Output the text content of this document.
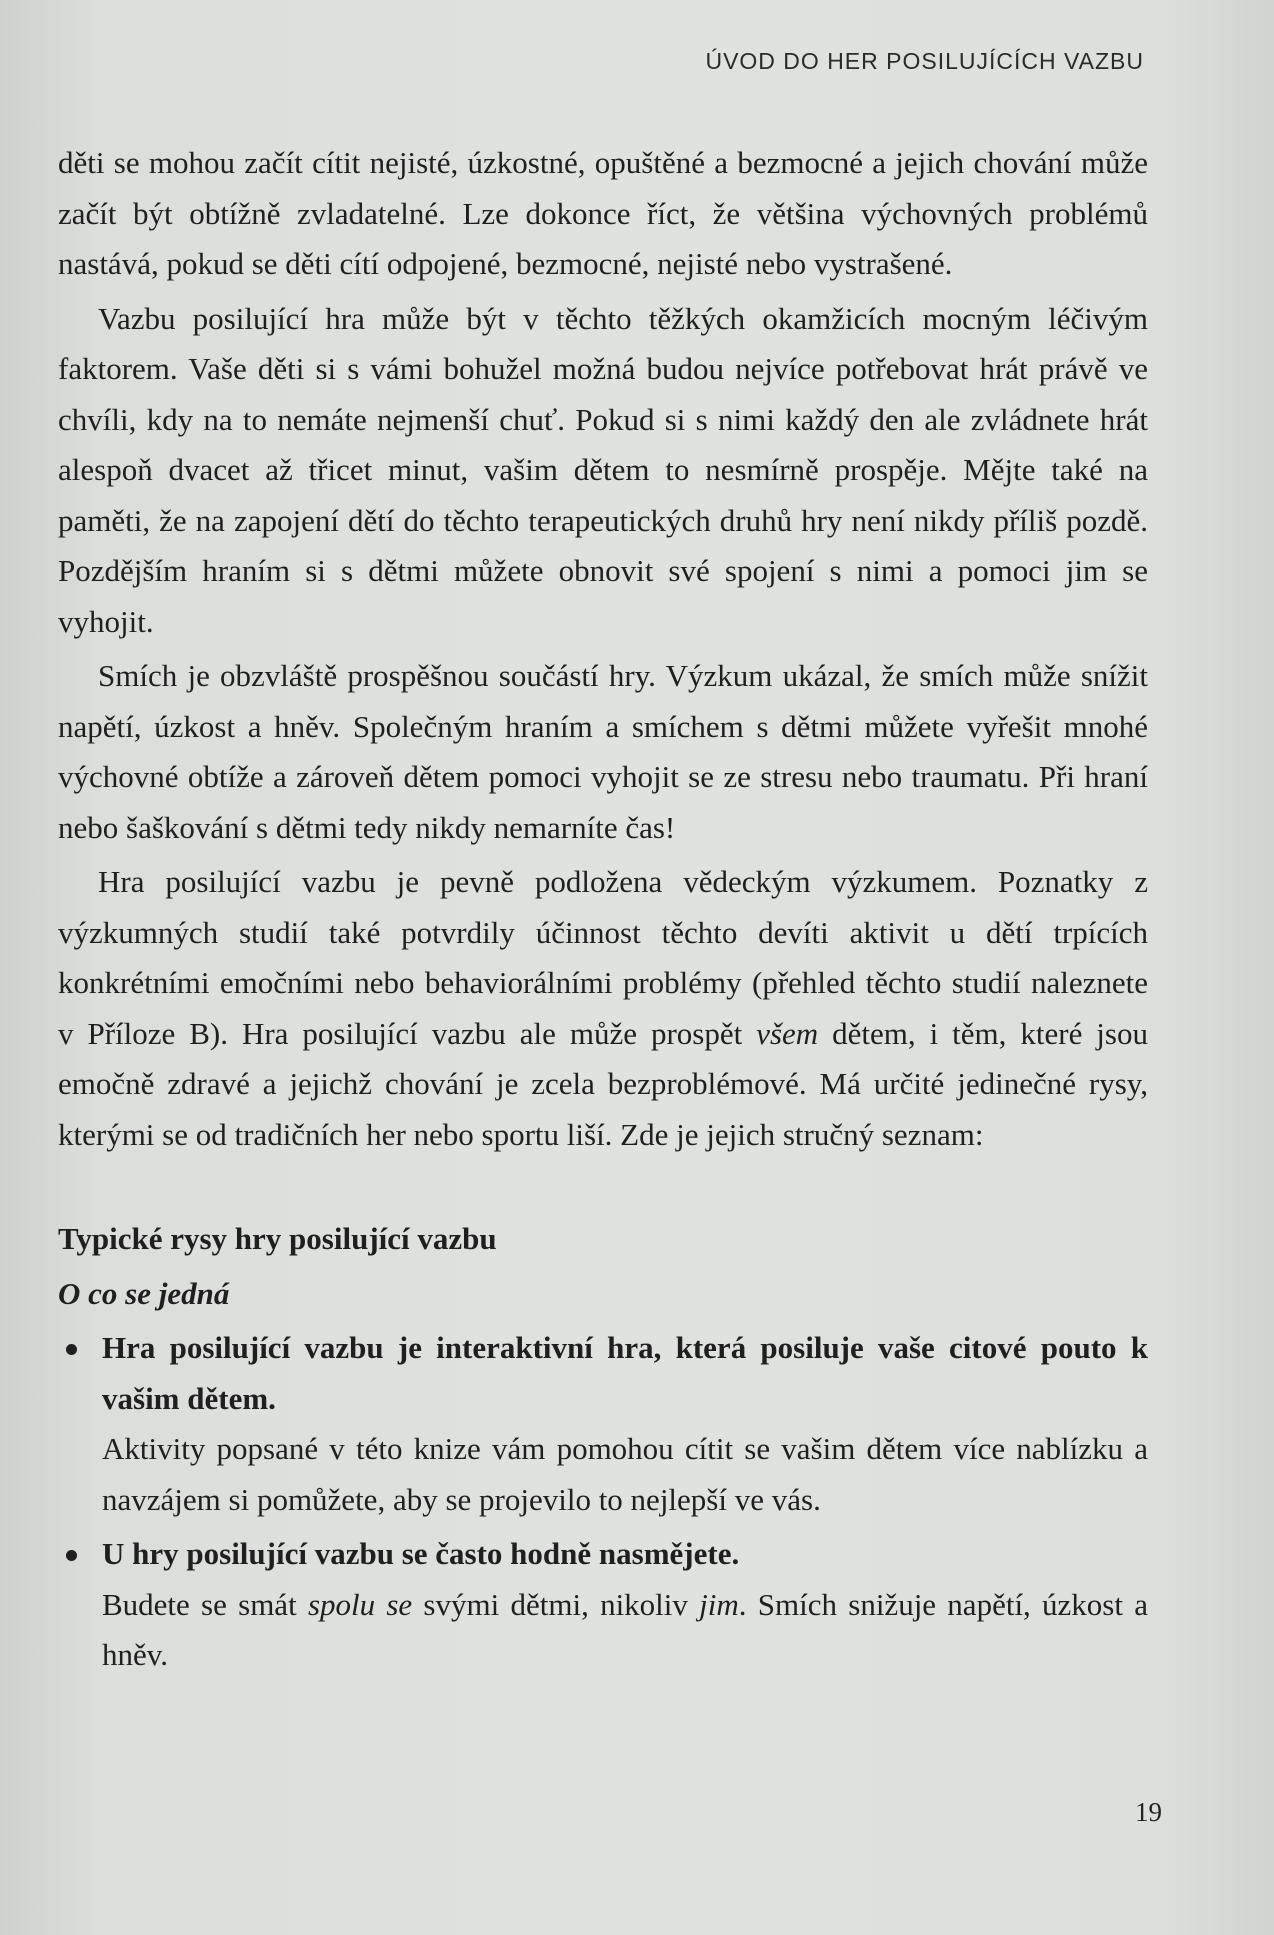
ÚVOD DO HER POSILUJÍCÍCH VAZBU

děti se mohou začít cítit nejisté, úzkostné, opuštěné a bezmocné a jejich chování může začít být obtížně zvladatelné. Lze dokonce říct, že většina výchovných problémů nastává, pokud se děti cítí odpojené, bezmocné, nejisté nebo vystrašené.

Vazbu posilující hra může být v těchto těžkých okamžicích mocným léčivým faktorem. Vaše děti si s vámi bohužel možná budou nejvíce potřebovat hrát právě ve chvíli, kdy na to nemáte nejmenší chuť. Pokud si s nimi každý den ale zvládnete hrát alespoň dvacet až třicet minut, vašim dětem to nesmírně prospěje. Mějte také na paměti, že na zapojení dětí do těchto terapeutických druhů hry není nikdy příliš pozdě. Pozdějším hraním si s dětmi můžete obnovit své spojení s nimi a pomoci jim se vyhojit.

Smích je obzvláště prospěšnou součástí hry. Výzkum ukázal, že smích může snížit napětí, úzkost a hněv. Společným hraním a smíchem s dětmi můžete vyřešit mnohé výchovné obtíže a zároveň dětem pomoci vyhojit se ze stresu nebo traumatu. Při hraní nebo šaškování s dětmi tedy nikdy nemarníte čas!

Hra posilující vazbu je pevně podložena vědeckým výzkumem. Poznatky z výzkumných studií také potvrdily účinnost těchto devíti aktivit u dětí trpících konkrétními emočními nebo behaviorálními problémy (přehled těchto studií naleznete v Příloze B). Hra posilující vazbu ale může prospět všem dětem, i těm, které jsou emočně zdravé a jejichž chování je zcela bezproblémové. Má určité jedinečné rysy, kterými se od tradičních her nebo sportu liší. Zde je jejich stručný seznam:

Typické rysy hry posilující vazbu

O co se jedná

Hra posilující vazbu je interaktivní hra, která posiluje vaše citové pouto k vašim dětem.
Aktivity popsané v této knize vám pomohou cítit se vašim dětem více nablízku a navzájem si pomůžete, aby se projevilo to nejlepší ve vás.

U hry posilující vazbu se často hodně nasmějete.
Budete se smát spolu se svými dětmi, nikoliv jim. Smích snižuje napětí, úzkost a hněv.

19
